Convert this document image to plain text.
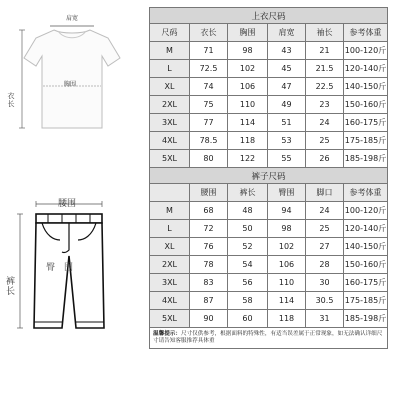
肩宽
胸围
衣长
腰围
臀 围
裤长
上衣尺码					
尺码	衣长	胸围	肩宽	袖长	参考体重
M	71	98	43	21	100-120斤
L	72.5	102	45	21.5	120-140斤
XL	74	106	47	22.5	140-150斤
2XL	75	110	49	23	150-160斤
3XL	77	114	51	24	160-175斤
4XL	78.5	118	53	25	175-185斤
5XL	80	122	55	26	185-198斤
裤子尺码					
	腰围	裤长	臀围	脚口	参考体重
M	68	48	94	24	100-120斤
L	72	50	98	25	120-140斤
XL	76	52	102	27	140-150斤
2XL	78	54	106	28	150-160斤
3XL	83	56	110	30	160-175斤
4XL	87	58	114	30.5	175-185斤
5XL	90	60	118	31	185-198斤
温馨提示：尺寸仅供参考，根据面料的特殊性，有适当误差属于正常现象，如无法确认详细尺寸请告知客服推荐具体重					
